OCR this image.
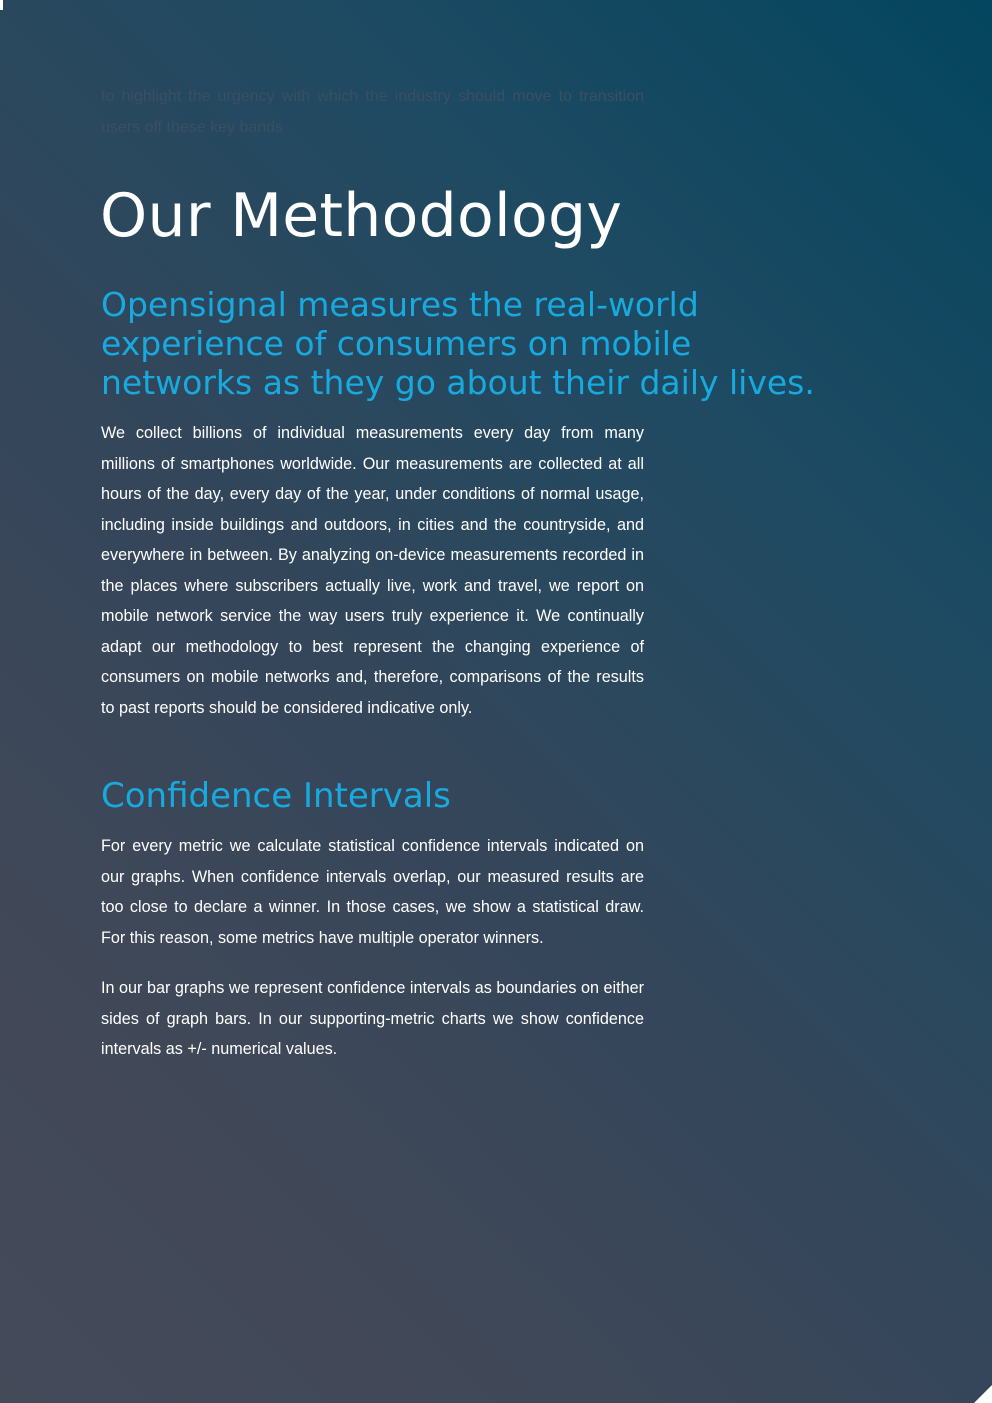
to highlight the urgency with which the industry should move to transition users off these key bands
Our Methodology
Opensignal measures the real-world
experience of consumers on mobile
networks as they go about their daily lives.

We collect billions of individual measurements every day from many millions of smartphones worldwide. Our measurements are collected at all hours of the day, every day of the year, under conditions of normal usage, including inside buildings and outdoors, in cities and the countryside, and everywhere in between. By analyzing on-device measurements recorded in the places where subscribers actually live, work and travel, we report on mobile network service the way users truly experience it. We continually adapt our methodology to best represent the changing experience of consumers on mobile networks and, therefore, comparisons of the results to past reports should be considered indicative only.

Confidence Intervals

For every metric we calculate statistical confidence intervals indicated on our graphs. When confidence intervals overlap, our measured results are too close to declare a winner. In those cases, we show a statistical draw. For this reason, some metrics have multiple operator winners.

In our bar graphs we represent confidence intervals as boundaries on either sides of graph bars. In our supporting-metric charts we show confidence intervals as +/- numerical values.
